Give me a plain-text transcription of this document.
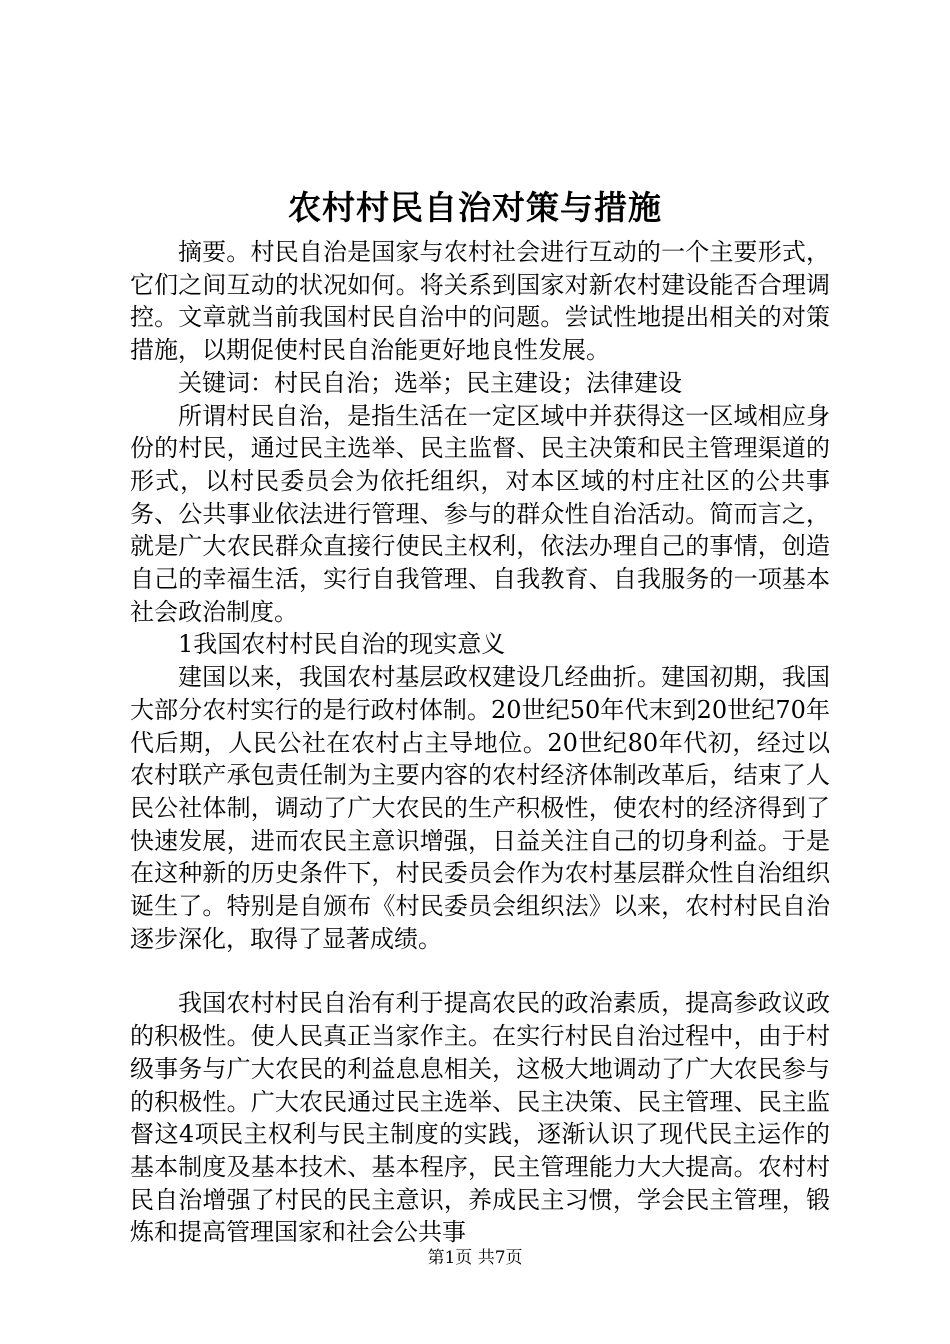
农村村民自治对策与措施

摘要。村民自治是国家与农村社会进行互动的一个主要形式，它们之间互动的状况如何。将关系到国家对新农村建设能否合理调控。文章就当前我国村民自治中的问题。尝试性地提出相关的对策措施，以期促使村民自治能更好地良性发展。

关键词：村民自治；选举；民主建设；法律建设

所谓村民自治，是指生活在一定区域中并获得这一区域相应身份的村民，通过民主选举、民主监督、民主决策和民主管理渠道的形式，以村民委员会为依托组织，对本区域的村庄社区的公共事务、公共事业依法进行管理、参与的群众性自治活动。简而言之，就是广大农民群众直接行使民主权利，依法办理自己的事情，创造自己的幸福生活，实行自我管理、自我教育、自我服务的一项基本社会政治制度。

1我国农村村民自治的现实意义

建国以来，我国农村基层政权建设几经曲折。建国初期，我国大部分农村实行的是行政村体制。20世纪50年代末到20世纪70年代后期，人民公社在农村占主导地位。20世纪80年代初，经过以农村联产承包责任制为主要内容的农村经济体制改革后，结束了人民公社体制，调动了广大农民的生产积极性，使农村的经济得到了快速发展，进而农民主意识增强，日益关注自己的切身利益。于是在这种新的历史条件下，村民委员会作为农村基层群众性自治组织诞生了。特别是自颁布《村民委员会组织法》以来，农村村民自治逐步深化，取得了显著成绩。

我国农村村民自治有利于提高农民的政治素质，提高参政议政的积极性。使人民真正当家作主。在实行村民自治过程中，由于村级事务与广大农民的利益息息相关，这极大地调动了广大农民参与的积极性。广大农民通过民主选举、民主决策、民主管理、民主监督这4项民主权利与民主制度的实践，逐渐认识了现代民主运作的基本制度及基本技术、基本程序，民主管理能力大大提高。农村村民自治增强了村民的民主意识，养成民主习惯，学会民主管理，锻炼和提高管理国家和社会公共事

第1页 共7页
